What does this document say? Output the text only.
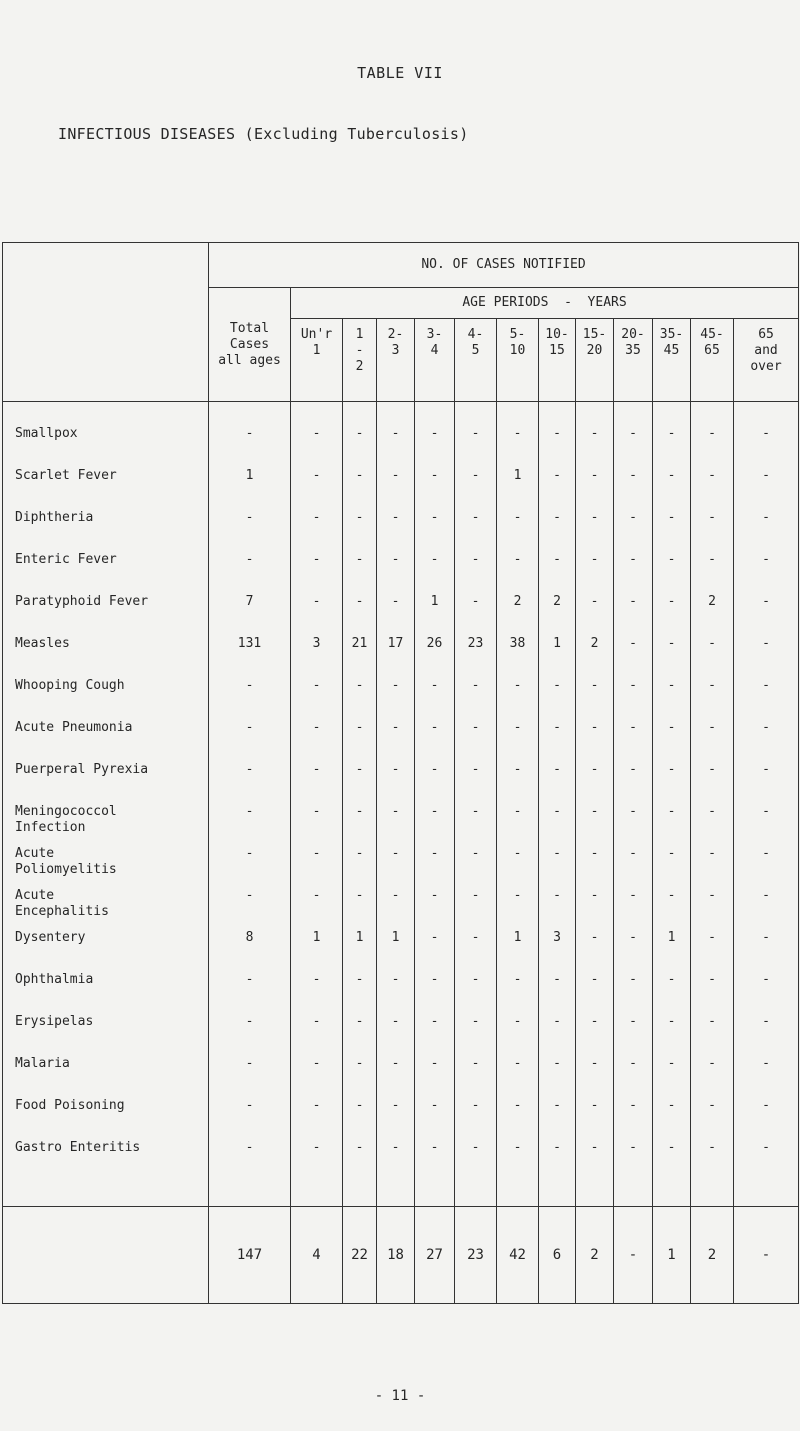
TABLE VII
INFECTIOUS DISEASES (Excluding Tuberculosis)
	NO. OF CASES NOTIFIED												
	Total Cases all ages	AGE PERIODS  -  YEARS											
		Un'r 1	1 - 2	2- 3	3- 4	4- 5	5- 10	10- 15	15- 20	20- 35	35- 45	45- 65	65 and over
Smallpox	-	-	-	-	-	-	-	-	-	-	-	-	-
Scarlet Fever	1	-	-	-	-	-	1	-	-	-	-	-	-
Diphtheria	-	-	-	-	-	-	-	-	-	-	-	-	-
Enteric Fever	-	-	-	-	-	-	-	-	-	-	-	-	-
Paratyphoid Fever	7	-	-	-	1	-	2	2	-	-	-	2	-
Measles	131	3	21	17	26	23	38	1	2	-	-	-	-
Whooping Cough	-	-	-	-	-	-	-	-	-	-	-	-	-
Acute Pneumonia	-	-	-	-	-	-	-	-	-	-	-	-	-
Puerperal Pyrexia	-	-	-	-	-	-	-	-	-	-	-	-	-
Meningococcol
Infection	-	-	-	-	-	-	-	-	-	-	-	-	-
Acute
Poliomyelitis	-	-	-	-	-	-	-	-	-	-	-	-	-
Acute
Encephalitis	-	-	-	-	-	-	-	-	-	-	-	-	-
Dysentery	8	1	1	1	-	-	1	3	-	-	1	-	-
Ophthalmia	-	-	-	-	-	-	-	-	-	-	-	-	-
Erysipelas	-	-	-	-	-	-	-	-	-	-	-	-	-
Malaria	-	-	-	-	-	-	-	-	-	-	-	-	-
Food Poisoning	-	-	-	-	-	-	-	-	-	-	-	-	-
Gastro Enteritis	-	-	-	-	-	-	-	-	-	-	-	-	-
	147	4	22	18	27	23	42	6	2	-	1	2	-
- 11 -
